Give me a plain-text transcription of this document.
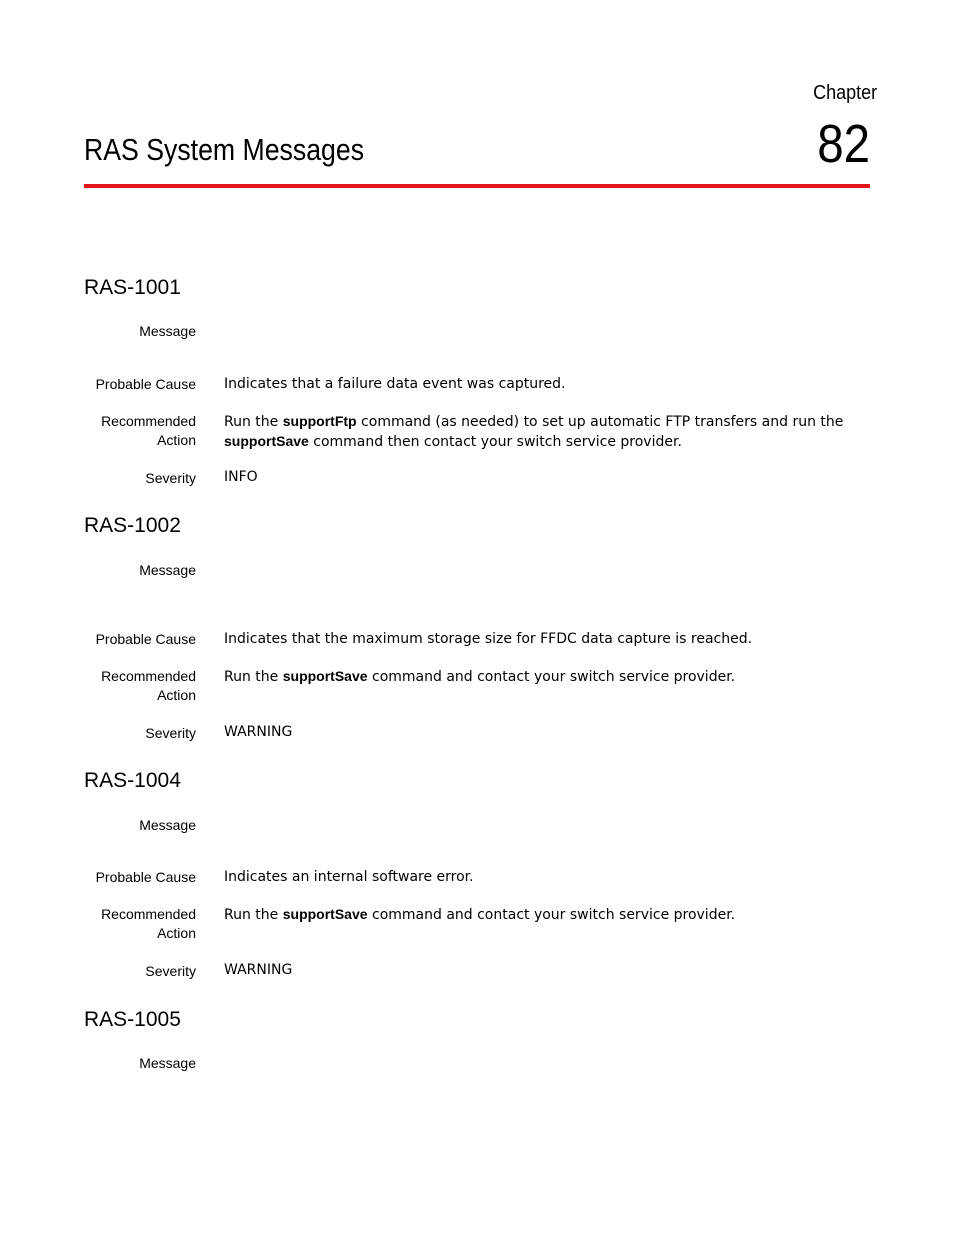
Chapter
82
RAS System Messages
RAS-1001
Message
Probable Cause Indicates that a failure data event was captured.
Recommended
Action
Run the supportFtp command (as needed) to set up automatic FTP transfers and run the supportSave command then contact your switch service provider.
Severity INFO
RAS-1002
Message
Probable Cause Indicates that the maximum storage size for FFDC data capture is reached.
Recommended
Action
Run the supportSave command and contact your switch service provider.
Severity WARNING
RAS-1004
Message
Probable Cause Indicates an internal software error.
Recommended
Action
Run the supportSave command and contact your switch service provider.
Severity WARNING
RAS-1005
Message
